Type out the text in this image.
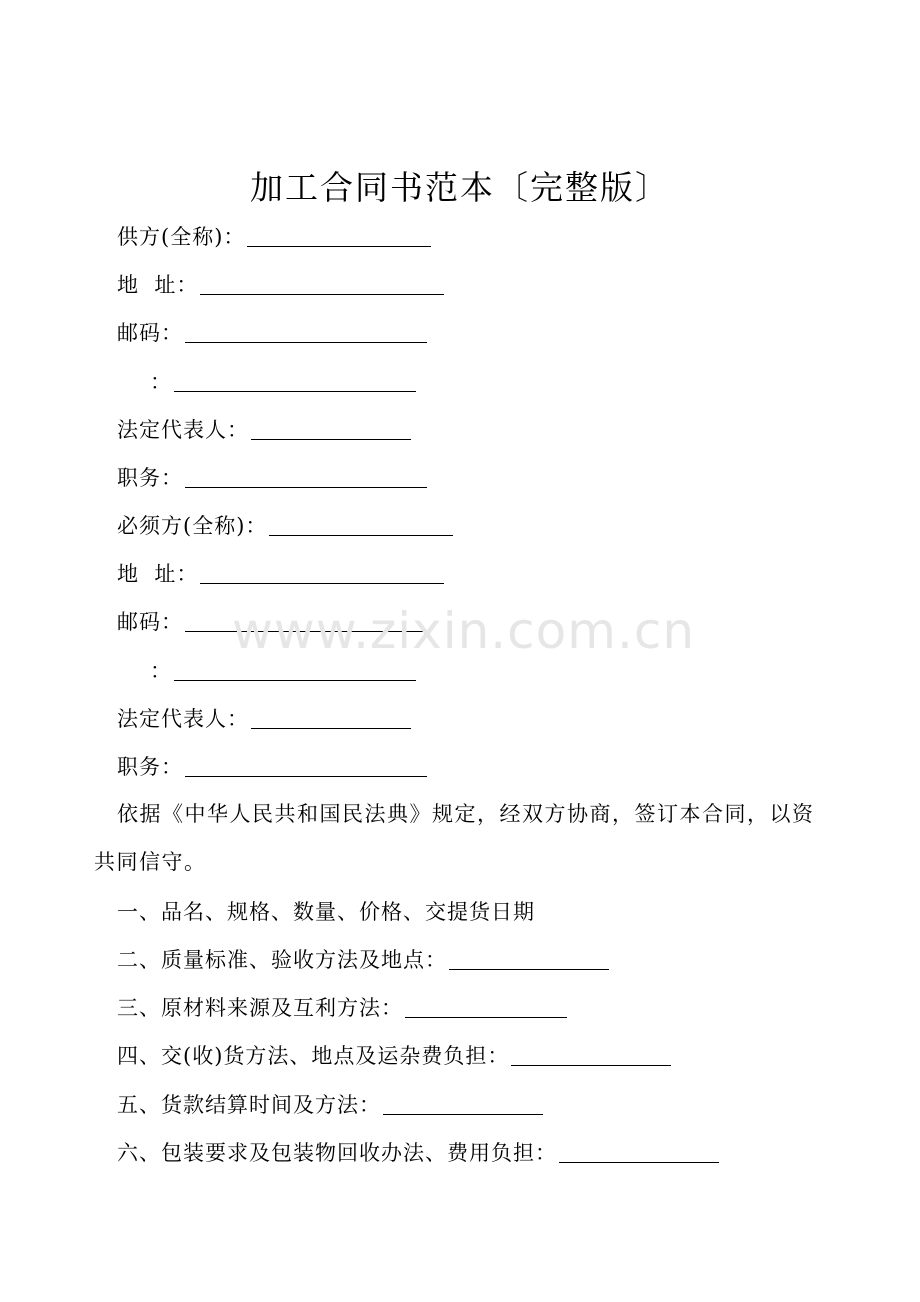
加工合同书范本〔完整版〕
供方(全称)：
地  址：
邮码：
：
法定代表人：
职务：
必须方(全称)：
地  址：
邮码：
：
法定代表人：
职务：
依据《中华人民共和国民法典》规定，经双方协商，签订本合同，以资共同信守。
一、品名、规格、数量、价格、交提货日期
二、质量标准、验收方法及地点：
三、原材料来源及互利方法：
四、交(收)货方法、地点及运杂费负担：
五、货款结算时间及方法：
六、包装要求及包装物回收办法、费用负担：
www.zixin.com.cn
